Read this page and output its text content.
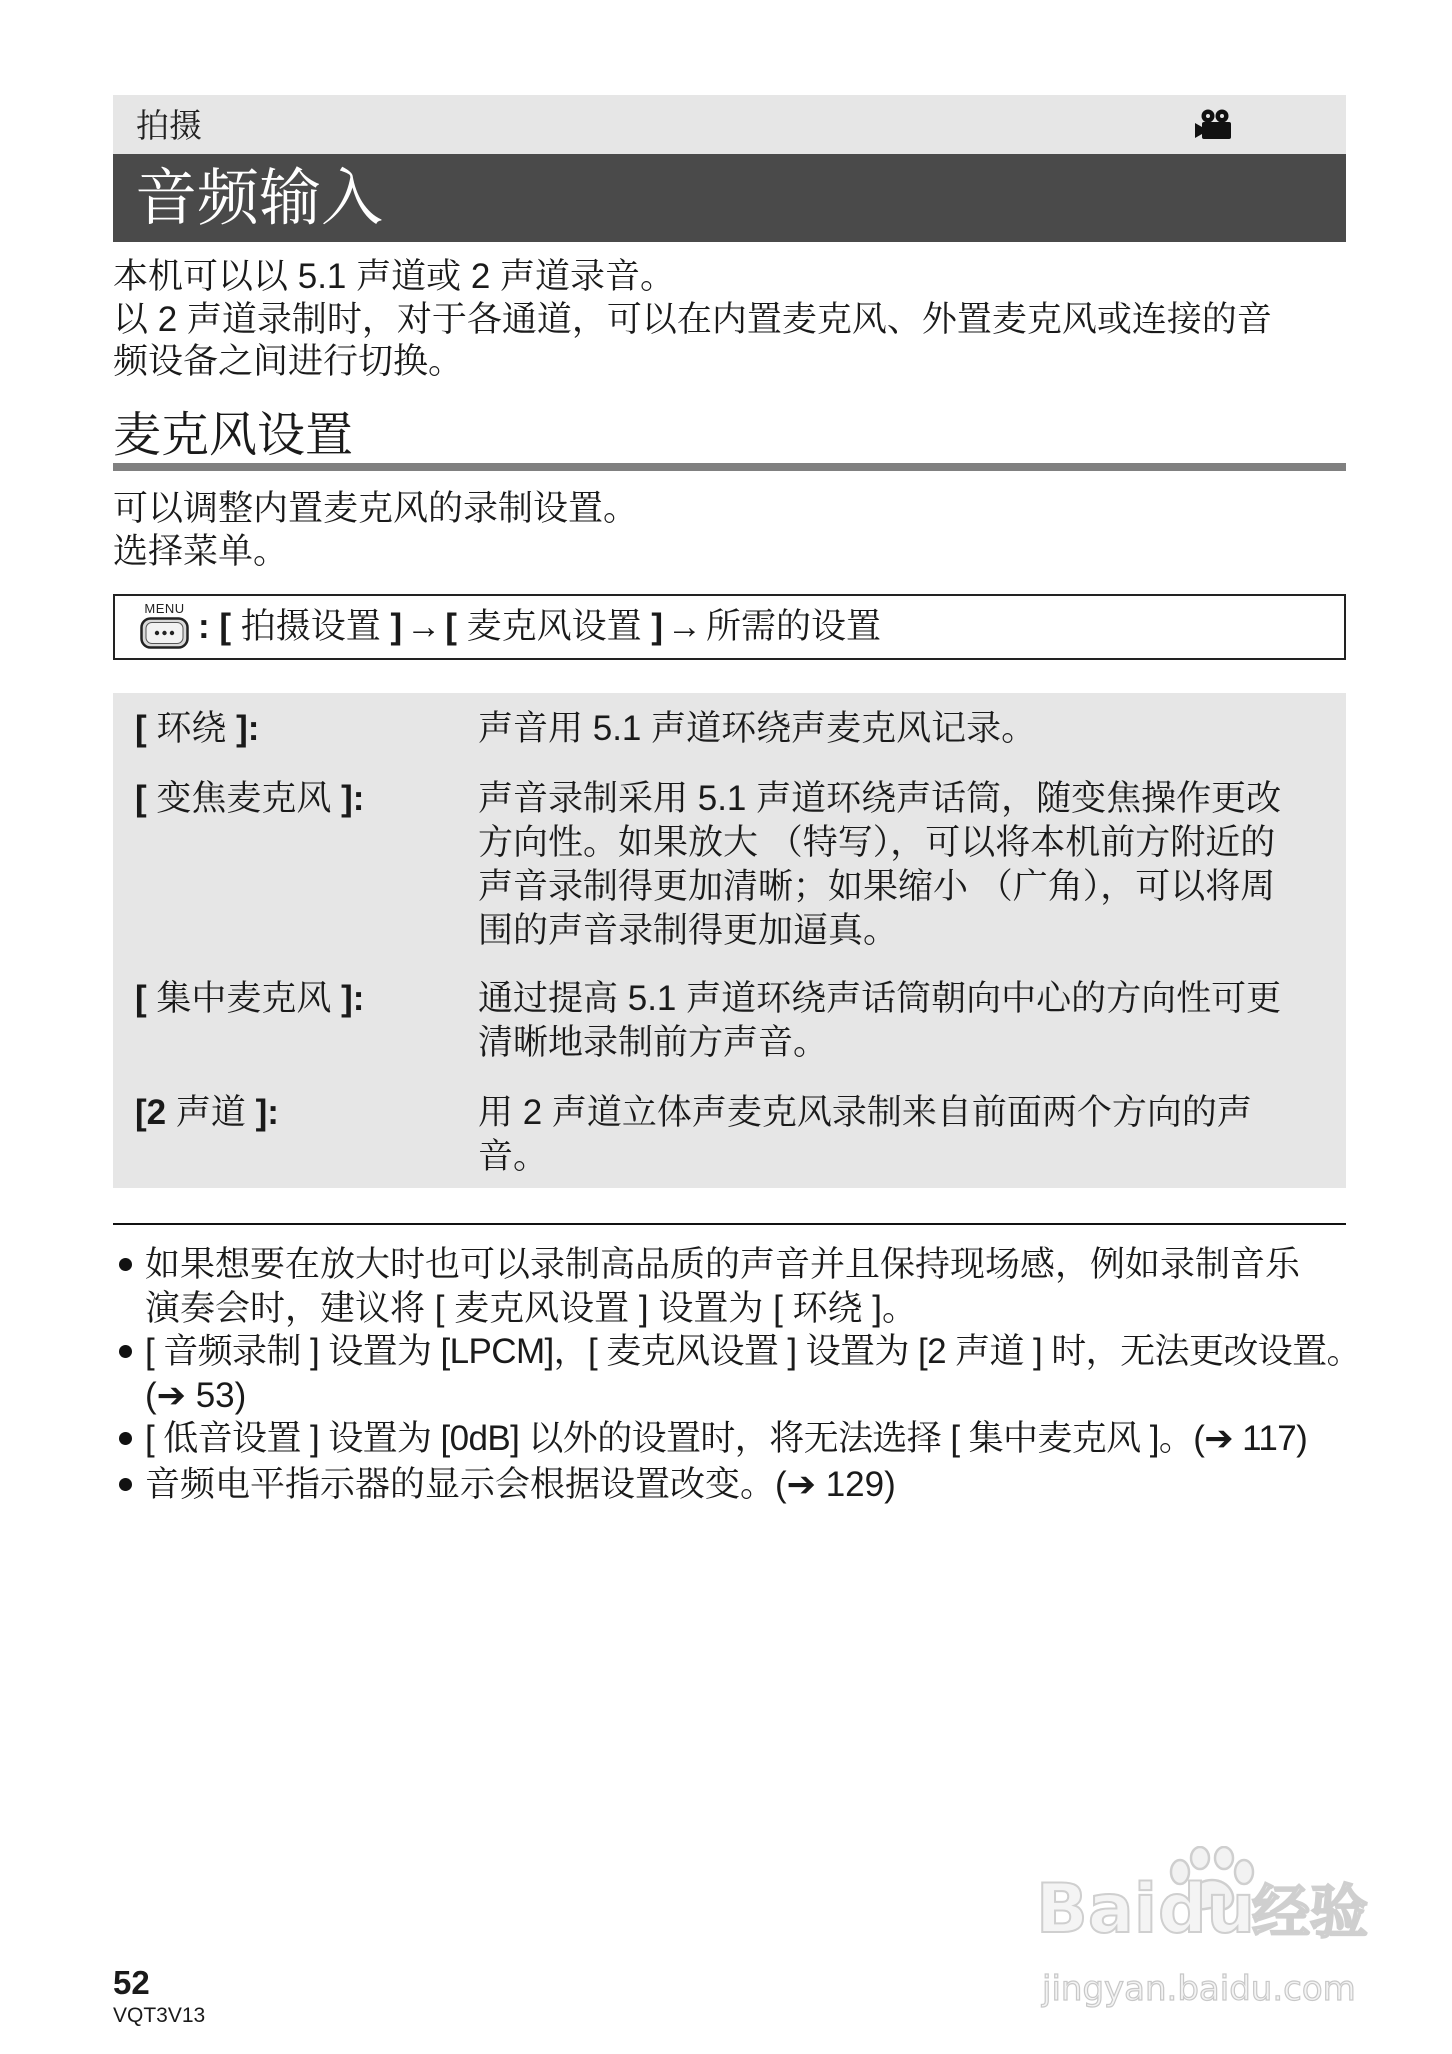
拍摄
音频输入
本机可以以 5.1 声道或 2 声道录音。
以 2 声道录制时，对于各通道，可以在内置麦克风、外置麦克风或连接的音
频设备之间进行切换。
麦克风设置
可以调整内置麦克风的录制设置。
选择菜单。
MENU : [ 拍摄设置 ] → [ 麦克风设置 ] → 所需的设置
[ 环绕 ]:	声音用 5.1 声道环绕声麦克风记录。
[ 变焦麦克风 ]:	声音录制采用 5.1 声道环绕声话筒，随变焦操作更改
方向性。如果放大 （特写），可以将本机前方附近的
声音录制得更加清晰；如果缩小 （广角），可以将周
围的声音录制得更加逼真。
[ 集中麦克风 ]:	通过提高 5.1 声道环绕声话筒朝向中心的方向性可更
清晰地录制前方声音。
[2 声道 ]:	用 2 声道立体声麦克风录制来自前面两个方向的声
音。
如果想要在放大时也可以录制高品质的声音并且保持现场感，例如录制音乐
演奏会时，建议将 [ 麦克风设置 ] 设置为 [ 环绕 ]。
[ 音频录制 ] 设置为 [LPCM]，[ 麦克风设置 ] 设置为 [2 声道 ] 时，无法更改设置。
(➔ 53)
[ 低音设置 ] 设置为 [0dB] 以外的设置时，将无法选择 [ 集中麦克风 ]。(➔ 117)
音频电平指示器的显示会根据设置改变。(➔ 129)
52
VQT3V13
Bai du
经验
jingyan.baidu.com
